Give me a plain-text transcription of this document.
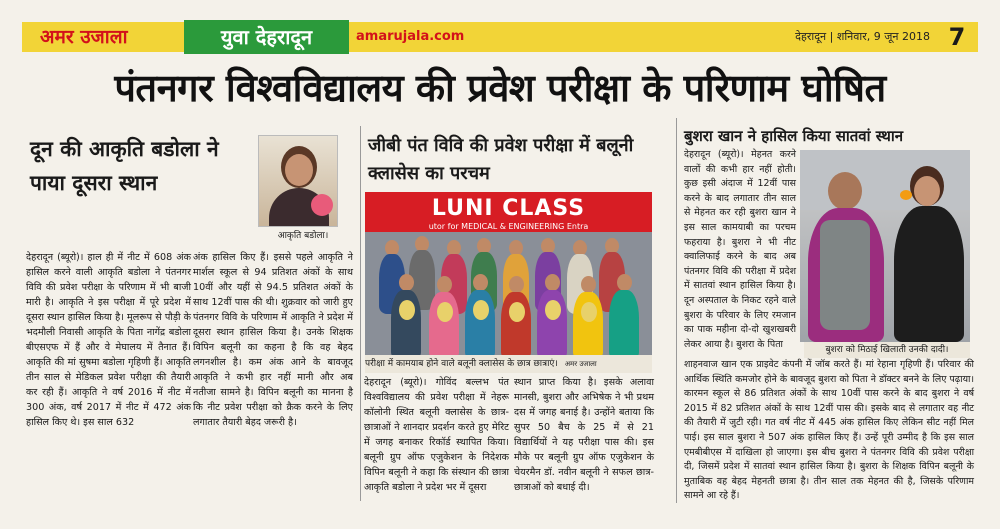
अमर उजाला	युवा देहरादून	amarujala.com	देहरादून | शनिवार, 9 जून 2018 7
पंतनगर विश्वविद्यालय की प्रवेश परीक्षा के परिणाम घोषित
दून की आकृति बडोला ने पाया दूसरा स्थान
आकृति बडोला।
देहरादून (ब्यूरो)। हाल ही में नीट में 608 अंक हासिल करने वाली आकृति बडोला ने पंतनगर विवि की प्रवेश परीक्षा के परिणाम में भी बाजी मारी है। आकृति ने इस परीक्षा में पूरे प्रदेश में दूसरा स्थान हासिल किया है। मूलरूप से पौड़ी के भदमौली निवासी आकृति के पिता नागेंद्र बडोला बीएसएफ में हैं और वे मेघालय में तैनात हैं। आकृति की मां सुषमा बडोला गृहिणी हैं। आकृति तीन साल से मेडिकल प्रवेश परीक्षा की तैयारी कर रही हैं। आकृति ने वर्ष 2016 में नीट में 300 अंक, वर्ष 2017 में नीट में 472 अंक हासिल किए थे। इस साल 632
अंक हासिल किए हैं। इससे पहले आकृति ने मार्शल स्कूल से 94 प्रतिशत अंकों के साथ 10वीं और यहीं से 94.5 प्रतिशत अंकों के साथ 12वीं पास की थी। शुक्रवार को जारी हुए पंतनगर विवि के परिणाम में आकृति ने प्रदेश में दूसरा स्थान हासिल किया है। उनके शिक्षक विपिन बलूनी का कहना है कि वह बेहद लगनशील है। कम अंक आने के बावजूद आकृति ने कभी हार नहीं मानी और अब नतीजा सामने है। विपिन बलूनी का मानना है कि नीट प्रवेश परीक्षा को क्रैक करने के लिए लगातार तैयारी बेहद जरूरी है।
जीबी पंत विवि की प्रवेश परीक्षा में बलूनी क्लासेस का परचम
LUNI CLASS
utor for MEDICAL & ENGINEERING Entra
परीक्षा में कामयाब होने वाले बलूनी क्लासेस के छात्र छात्राएं। अमर उजाला
देहरादून (ब्यूरो)। गोविंद बल्लभ पंत विश्वविद्यालय की प्रवेश परीक्षा में नेहरू कॉलोनी स्थित बलूनी क्लासेस के छात्र-छात्राओं ने शानदार प्रदर्शन करते हुए मेरिट में जगह बनाकर रिकॉर्ड स्थापित किया। बलूनी ग्रुप ऑफ एजुकेशन के निदेशक विपिन बलूनी ने कहा कि संस्थान की छात्रा आकृति बडोला ने प्रदेश भर में दूसरा
स्थान प्राप्त किया है। इसके अलावा मानसी, बुशरा और अभिषेक ने भी प्रथम दस में जगह बनाई है। उन्होंने बताया कि सुपर 50 बैच के 25 में से 21 विद्यार्थियों ने यह परीक्षा पास की। इस मौके पर बलूनी ग्रुप ऑफ एजुकेशन के चेयरमैन डॉ. नवीन बलूनी ने सफल छात्र-छात्राओं को बधाई दी।
बुशरा खान ने हासिल किया सातवां स्थान
देहरादून (ब्यूरो)। मेहनत करने वालों की कभी हार नहीं होती। कुछ इसी अंदाज में 12वीं पास करने के बाद लगातार तीन साल से मेहनत कर रही बुशरा खान ने इस साल कामयाबी का परचम फहराया है। बुशरा ने भी नीट क्वालिफाई करने के बाद अब पंतनगर विवि की परीक्षा में प्रदेश में सातवां स्थान हासिल किया है। दून अस्पताल के निकट रहने वाले बुशरा के परिवार के लिए रमजान का पाक महीना दो-दो खुशखबरी लेकर आया है। बुशरा के पिता
बुशरा को मिठाई खिलाती उनकी दादी।
शाहनवाज खान एक प्राइवेट कंपनी में जॉब करते हैं। मां रेहाना गृहिणी हैं। परिवार की आर्थिक स्थिति कमजोर होने के बावजूद बुशरा को पिता ने डॉक्टर बनने के लिए पढ़ाया। कारमन स्कूल से 86 प्रतिशत अंकों के साथ 10वीं पास करने के बाद बुशरा ने वर्ष 2015 में 82 प्रतिशत अंकों के साथ 12वीं पास की। इसके बाद से लगातार वह नीट की तैयारी में जुटी रही। गत वर्ष नीट में 445 अंक हासिल किए लेकिन सीट नहीं मिल पाई। इस साल बुशरा ने 507 अंक हासिल किए हैं। उन्हें पूरी उम्मीद है कि इस साल एमबीबीएस में दाखिला हो जाएगा। इस बीच बुशरा ने पंतनगर विवि की प्रवेश परीक्षा दी, जिसमें प्रदेश में सातवां स्थान हासिल किया है। बुशरा के शिक्षक विपिन बलूनी के मुताबिक वह बेहद मेहनती छात्रा है। तीन साल तक मेहनत की है, जिसके परिणाम सामने आ रहे हैं।
